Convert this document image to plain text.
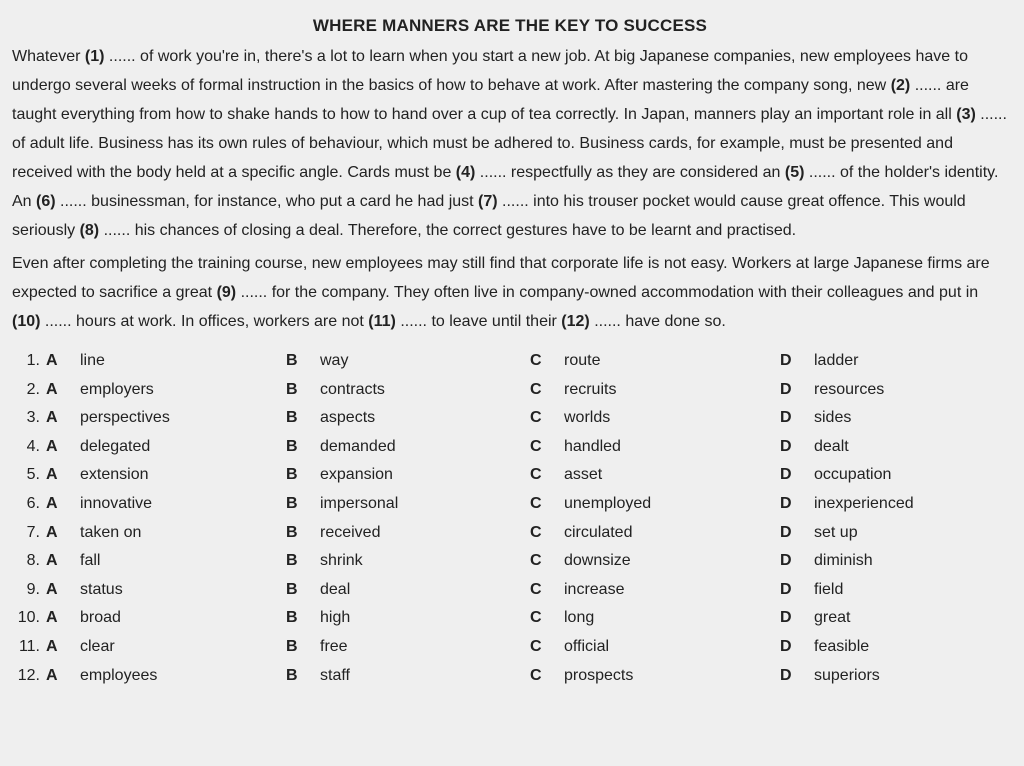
WHERE MANNERS ARE THE KEY TO SUCCESS

Whatever (1) ...... of work you're in, there's a lot to learn when you start a new job. At big Japanese companies, new employees have to undergo several weeks of formal instruction in the basics of how to behave at work. After mastering the company song, new (2) ...... are taught everything from how to shake hands to how to hand over a cup of tea correctly. In Japan, manners play an important role in all (3) ...... of adult life. Business has its own rules of behaviour, which must be adhered to. Business cards, for example, must be presented and received with the body held at a specific angle. Cards must be (4) ...... respectfully as they are considered an (5) ...... of the holder's identity. An (6) ...... businessman, for instance, who put a card he had just (7) ...... into his trouser pocket would cause great offence. This would seriously (8) ...... his chances of closing a deal. Therefore, the correct gestures have to be learnt and practised.

Even after completing the training course, new employees may still find that corporate life is not easy. Workers at large Japanese firms are expected to sacrifice a great (9) ...... for the company. They often live in company-owned accommodation with their colleagues and put in (10) ...... hours at work. In offices, workers are not (11) ...... to leave until their (12) ...... have done so.

1. A line	B way	C route	D ladder
2. A employers	B contracts	C recruits	D resources
3. A perspectives	B aspects	C worlds	D sides
4. A delegated	B demanded	C handled	D dealt
5. A extension	B expansion	C asset	D occupation
6. A innovative	B impersonal	C unemployed	D inexperienced
7. A taken on	B received	C circulated	D set up
8. A fall	B shrink	C downsize	D diminish
9. A status	B deal	C increase	D field
10. A broad	B high	C long	D great
11. A clear	B free	C official	D feasible
12. A employees	B staff	C prospects	D superiors
